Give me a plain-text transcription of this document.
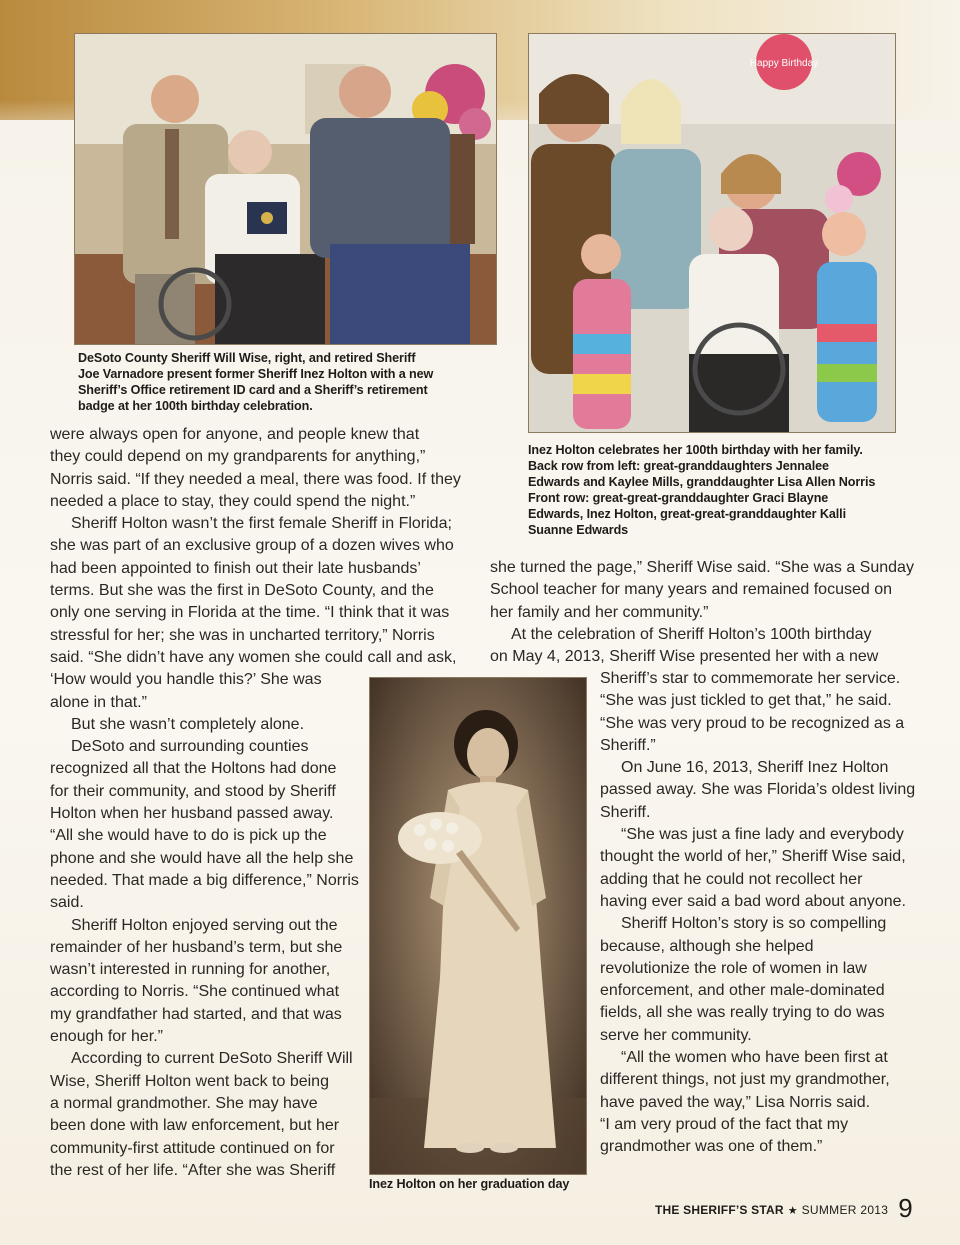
Happy Birthday
DeSoto County Sheriff Will Wise, right, and retired Sheriff
Joe Varnadore present former Sheriff Inez Holton with a new
Sheriff’s Office retirement ID card and a Sheriff’s retirement
badge at her 100th birthday celebration.
Inez Holton celebrates her 100th birthday with her family.
Back row from left: great-granddaughters Jennalee
Edwards and Kaylee Mills, granddaughter Lisa Allen Norris
Front row: great-great-granddaughter Graci Blayne
Edwards, Inez Holton, great-great-granddaughter Kalli
Suanne Edwards
Inez Holton on her graduation day
were always open for anyone, and people knew that
they could depend on my grandparents for anything,”
Norris said. “If they needed a meal, there was food. If they
needed a place to stay, they could spend the night.”
Sheriff Holton wasn’t the first female Sheriff in Florida;
she was part of an exclusive group of a dozen wives who
had been appointed to finish out their late husbands’
terms. But she was the first in DeSoto County, and the
only one serving in Florida at the time. “I think that it was
stressful for her; she was in uncharted territory,” Norris
said. “She didn’t have any women she could call and ask,
‘How would you handle this?’ She was
alone in that.”
But she wasn’t completely alone.
DeSoto and surrounding counties
recognized all that the Holtons had done
for their community, and stood by Sheriff
Holton when her husband passed away.
“All she would have to do is pick up the
phone and she would have all the help she
needed. That made a big difference,” Norris
said.
Sheriff Holton enjoyed serving out the
remainder of her husband’s term, but she
wasn’t interested in running for another,
according to Norris. “She continued what
my grandfather had started, and that was
enough for her.”
According to current DeSoto Sheriff Will
Wise, Sheriff Holton went back to being
a normal grandmother. She may have
been done with law enforcement, but her
community-first attitude continued on for
the rest of her life. “After she was Sheriff
she turned the page,” Sheriff Wise said. “She was a Sunday
School teacher for many years and remained focused on
her family and her community.”
At the celebration of Sheriff Holton’s 100th birthday
on May 4, 2013, Sheriff Wise presented her with a new
Sheriff’s star to commemorate her service.
“She was just tickled to get that,” he said.
“She was very proud to be recognized as a
Sheriff.”
On June 16, 2013, Sheriff Inez Holton
passed away. She was Florida’s oldest living
Sheriff.
“She was just a fine lady and everybody
thought the world of her,” Sheriff Wise said,
adding that he could not recollect her
having ever said a bad word about anyone.
Sheriff Holton’s story is so compelling
because, although she helped
revolutionize the role of women in law
enforcement, and other male-dominated
fields, all she was really trying to do was
serve her community.
“All the women who have been first at
different things, not just my grandmother,
have paved the way,” Lisa Norris said.
“I am very proud of the fact that my
grandmother was one of them.”
THE SHERIFF’S STAR ★ SUMMER 2013 9
